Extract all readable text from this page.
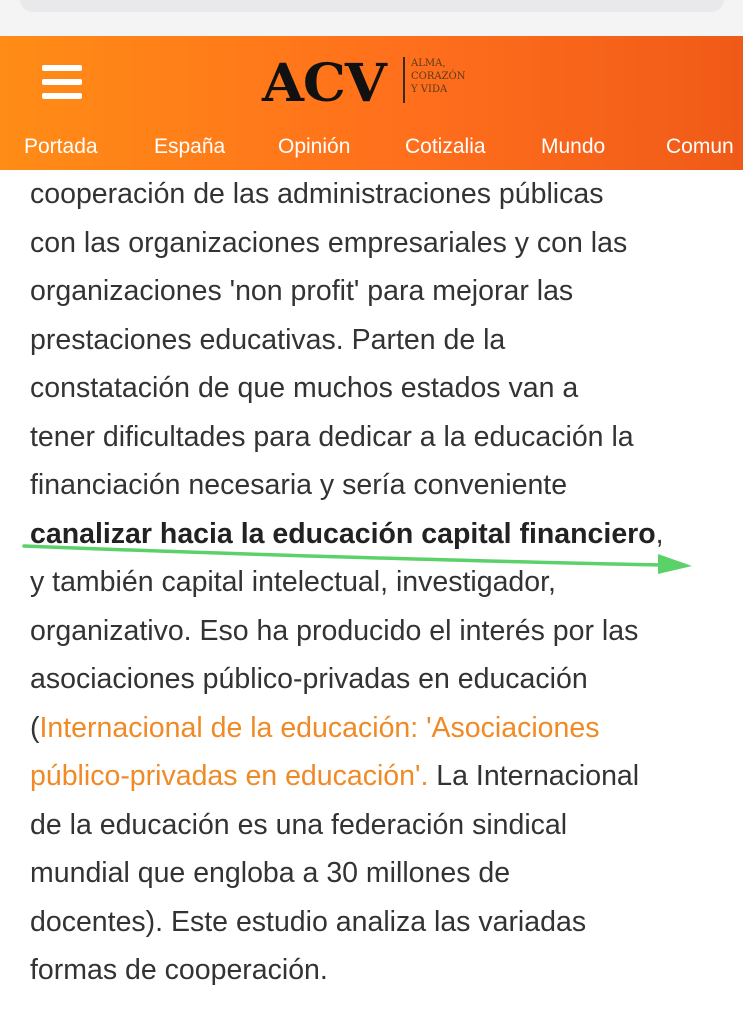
ACV	ALMA,
CORAZÓN
Y VIDA
Portada	España	Opinión	Cotizalia	Mundo	Comun

cooperación de las administraciones públicas
con las organizaciones empresariales y con las
organizaciones 'non profit' para mejorar las
prestaciones educativas. Parten de la
constatación de que muchos estados van a
tener dificultades para dedicar a la educación la
financiación necesaria y sería conveniente
canalizar hacia la educación capital financiero,
y también capital intelectual, investigador,
organizativo. Eso ha producido el interés por las
asociaciones público-privadas en educación
(Internacional de la educación: 'Asociaciones
público-privadas en educación'. La Internacional
de la educación es una federación sindical
mundial que engloba a 30 millones de
docentes). Este estudio analiza las variadas
formas de cooperación.
